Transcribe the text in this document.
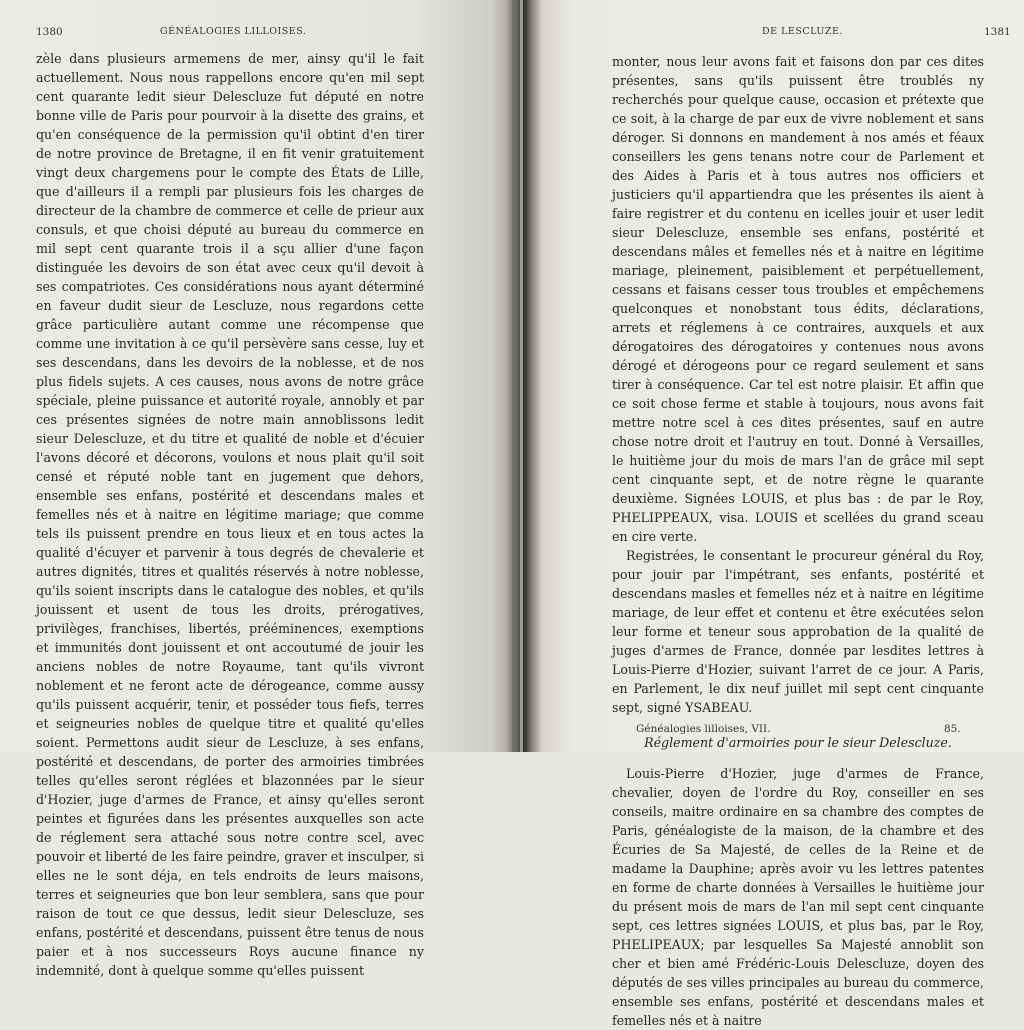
1380	GÉNÉALOGIES LILLOISES.

zèle dans plusieurs armemens de mer, ainsy qu'il le fait actuellement. Nous nous rappellons encore qu'en mil sept cent quarante ledit sieur Delescluze fut député en notre bonne ville de Paris pour pourvoir à la disette des grains, et qu'en conséquence de la permission qu'il obtint d'en tirer de notre province de Bretagne, il en fit venir gratuitement vingt deux chargemens pour le compte des États de Lille, que d'ailleurs il a rempli par plusieurs fois les charges de directeur de la chambre de commerce et celle de prieur aux consuls, et que choisi député au bureau du commerce en mil sept cent quarante trois il a sçu allier d'une façon distinguée les devoirs de son état avec ceux qu'il devoit à ses compatriotes. Ces considérations nous ayant déterminé en faveur dudit sieur de Lescluze, nous regardons cette grâce particulière autant comme une récompense que comme une invitation à ce qu'il persèvère sans cesse, luy et ses descendans, dans les devoirs de la noblesse, et de nos plus fidels sujets. A ces causes, nous avons de notre grâce spéciale, pleine puissance et autorité royale, annobly et par ces présentes signées de notre main annoblissons ledit sieur Delescluze, et du titre et qualité de noble et d'écuier l'avons décoré et décorons, voulons et nous plait qu'il soit censé et réputé noble tant en jugement que dehors, ensemble ses enfans, postérité et descendans males et femelles nés et à naitre en légitime mariage; que comme tels ils puissent prendre en tous lieux et en tous actes la qualité d'écuyer et parvenir à tous degrés de chevalerie et autres dignités, titres et qualités réservés à notre noblesse, qu'ils soient inscripts dans le catalogue des nobles, et qu'ils jouissent et usent de tous les droits, prérogatives, privilèges, franchises, libertés, prééminences, exemptions et immunités dont jouissent et ont accoutumé de jouir les anciens nobles de notre Royaume, tant qu'ils vivront noblement et ne feront acte de dérogeance, comme aussy qu'ils puissent acquérir, tenir, et posséder tous fiefs, terres et seigneuries nobles de quelque titre et qualité qu'elles soient. Permettons audit sieur de Lescluze, à ses enfans, postérité et descendans, de porter des armoiries timbrées telles qu'elles seront réglées et blazonnées par le sieur d'Hozier, juge d'armes de France, et ainsy qu'elles seront peintes et figurées dans les présentes auxquelles son acte de réglement sera attaché sous notre contre scel, avec pouvoir et liberté de les faire peindre, graver et insculper, si elles ne le sont déja, en tels endroits de leurs maisons, terres et seigneuries que bon leur semblera, sans que pour raison de tout ce que dessus, ledit sieur Delescluze, ses enfans, postérité et descendans, puissent être tenus de nous paier et à nos successeurs Roys aucune finance ny indemnité, dont à quelque somme qu'elles puissent

DE LESCLUZE.	1381

monter, nous leur avons fait et faisons don par ces dites présentes, sans qu'ils puissent être troublés ny recherchés pour quelque cause, occasion et prétexte que ce soit, à la charge de par eux de vivre noblement et sans déroger. Si donnons en mandement à nos amés et féaux conseillers les gens tenans notre cour de Parlement et des Aides à Paris et à tous autres nos officiers et justiciers qu'il appartiendra que les présentes ils aient à faire registrer et du contenu en icelles jouir et user ledit sieur Delescluze, ensemble ses enfans, postérité et descendans mâles et femelles nés et à naitre en légitime mariage, pleinement, paisiblement et perpétuellement, cessans et faisans cesser tous troubles et empêchemens quelconques et nonobstant tous édits, déclarations, arrets et réglemens à ce contraires, auxquels et aux dérogatoires des dérogatoires y contenues nous avons dérogé et dérogeons pour ce regard seulement et sans tirer à conséquence. Car tel est notre plaisir. Et affin que ce soit chose ferme et stable à toujours, nous avons fait mettre notre scel à ces dites présentes, sauf en autre chose notre droit et l'autruy en tout. Donné à Versailles, le huitième jour du mois de mars l'an de grâce mil sept cent cinquante sept, et de notre règne le quarante deuxième. Signées LOUIS, et plus bas : de par le Roy, PHELIPPEAUX, visa. LOUIS et scellées du grand sceau en cire verte.

Registrées, le consentant le procureur général du Roy, pour jouir par l'impétrant, ses enfants, postérité et descendans masles et femelles néz et à naitre en légitime mariage, de leur effet et contenu et être exécutées selon leur forme et teneur sous approbation de la qualité de juges d'armes de France, donnée par lesdites lettres à Louis-Pierre d'Hozier, suivant l'arret de ce jour. A Paris, en Parlement, le dix neuf juillet mil sept cent cinquante sept, signé YSABEAU.

Réglement d'armoiries pour le sieur Delescluze.

Louis-Pierre d'Hozier, juge d'armes de France, chevalier, doyen de l'ordre du Roy, conseiller en ses conseils, maitre ordinaire en sa chambre des comptes de Paris, généalogiste de la maison, de la chambre et des Écuries de Sa Majesté, de celles de la Reine et de madame la Dauphine; après avoir vu les lettres patentes en forme de charte données à Versailles le huitième jour du présent mois de mars de l'an mil sept cent cinquante sept, ces lettres signées LOUIS, et plus bas, par le Roy, PHELIPEAUX; par lesquelles Sa Majesté annoblit son cher et bien amé Frédéric-Louis Delescluze, doyen des députés de ses villes principales au bureau du commerce, ensemble ses enfans, postérité et descendans males et femelles nés et à naitre

Généalogies lilloises, VII.	85.
